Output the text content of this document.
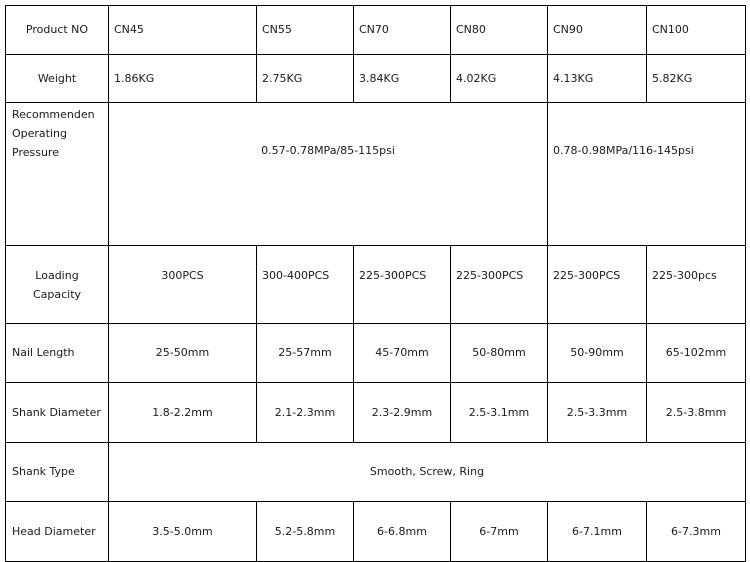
Product NO	CN45	CN55	CN70	CN80	CN90	CN100
Weight	1.86KG	2.75KG	3.84KG	4.02KG	4.13KG	5.82KG

Recommenden
Operating
Pressure	0.57-0.78MPa/85-115psi				0.78-0.98MPa/116-145psi	

Loading
Capacity	300PCS	300-400PCS	225-300PCS	225-300PCS	225-300PCS	225-300pcs
Nail Length	25-50mm	25-57mm	45-70mm	50-80mm	50-90mm	65-102mm
Shank Diameter	1.8-2.2mm	2.1-2.3mm	2.3-2.9mm	2.5-3.1mm	2.5-3.3mm	2.5-3.8mm
Shank Type	Smooth, Screw, Ring					
Head Diameter	3.5-5.0mm	5.2-5.8mm	6-6.8mm	6-7mm	6-7.1mm	6-7.3mm
